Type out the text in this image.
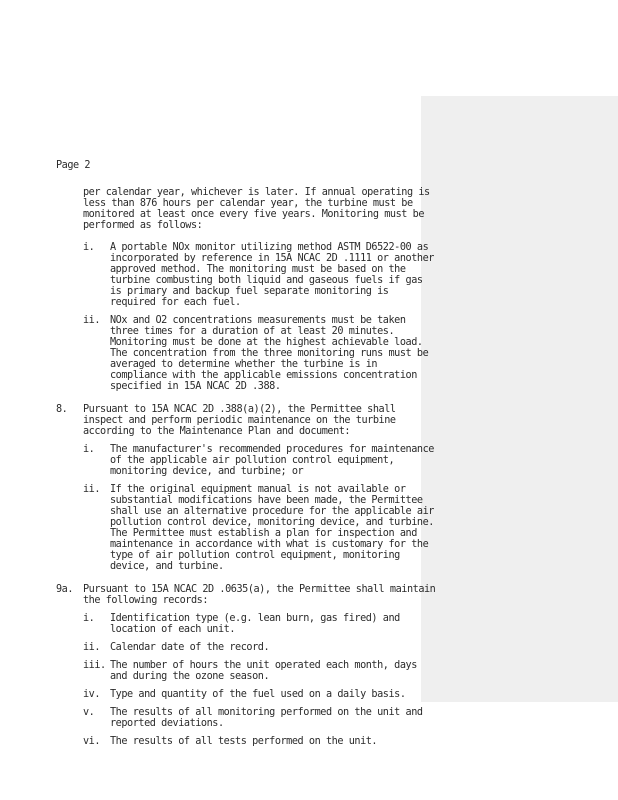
Page 2
per calendar year, whichever is later. If annual operating is less than 876 hours per calendar year, the turbine must be monitored at least once every five years. Monitoring must be performed as follows:
i. A portable NOx monitor utilizing method ASTM D6522-00 as incorporated by reference in 15A NCAC 2D .1111 or another approved method. The monitoring must be based on the turbine combusting both liquid and gaseous fuels if gas is primary and backup fuel separate monitoring is required for each fuel.
ii. NOx and O2 concentrations measurements must be taken three times for a duration of at least 20 minutes. Monitoring must be done at the highest achievable load. The concentration from the three monitoring runs must be averaged to determine whether the turbine is in compliance with the applicable emissions concentration specified in 15A NCAC 2D .388.
8. Pursuant to 15A NCAC 2D .388(a)(2), the Permittee shall inspect and perform periodic maintenance on the turbine according to the Maintenance Plan and document:
i. The manufacturer's recommended procedures for maintenance of the applicable air pollution control equipment, monitoring device, and turbine; or
ii. If the original equipment manual is not available or substantial modifications have been made, the Permittee shall use an alternative procedure for the applicable air pollution control device, monitoring device, and turbine. The Permittee must establish a plan for inspection and maintenance in accordance with what is customary for the type of air pollution control equipment, monitoring device, and turbine.
9a. Pursuant to 15A NCAC 2D .0635(a), the Permittee shall maintain the following records:
i. Identification type (e.g. lean burn, gas fired) and location of each unit.
ii. Calendar date of the record.
iii. The number of hours the unit operated each month, days and during the ozone season.
iv. Type and quantity of the fuel used on a daily basis.
v. The results of all monitoring performed on the unit and reported deviations.
vi. The results of all tests performed on the unit.
